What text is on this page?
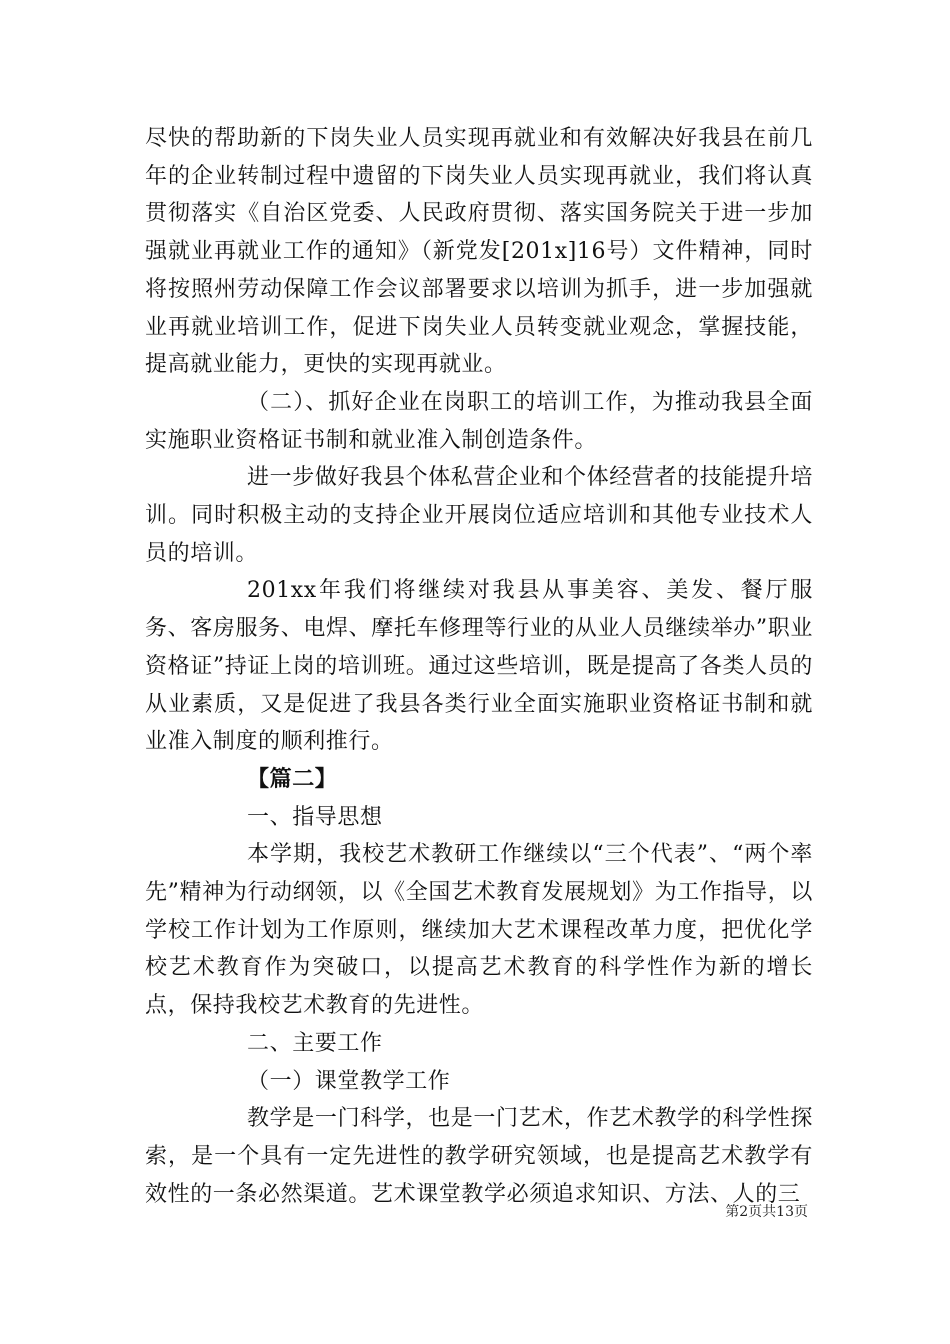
尽快的帮助新的下岗失业人员实现再就业和有效解决好我县在前几年的企业转制过程中遗留的下岗失业人员实现再就业，我们将认真贯彻落实《自治区党委、人民政府贯彻、落实国务院关于进一步加强就业再就业工作的通知》（新党发[201x]16号）文件精神，同时将按照州劳动保障工作会议部署要求以培训为抓手，进一步加强就业再就业培训工作，促进下岗失业人员转变就业观念，掌握技能，提高就业能力，更快的实现再就业。

（二）、抓好企业在岗职工的培训工作，为推动我县全面实施职业资格证书制和就业准入制创造条件。

进一步做好我县个体私营企业和个体经营者的技能提升培训。同时积极主动的支持企业开展岗位适应培训和其他专业技术人员的培训。

201xx年我们将继续对我县从事美容、美发、餐厅服务、客房服务、电焊、摩托车修理等行业的从业人员继续举办”职业资格证”持证上岗的培训班。通过这些培训，既是提高了各类人员的从业素质，又是促进了我县各类行业全面实施职业资格证书制和就业准入制度的顺利推行。

【篇二】

一、指导思想

本学期，我校艺术教研工作继续以“三个代表”、“两个率先”精神为行动纲领，以《全国艺术教育发展规划》为工作指导，以学校工作计划为工作原则，继续加大艺术课程改革力度，把优化学校艺术教育作为突破口，以提高艺术教育的科学性作为新的增长点，保持我校艺术教育的先进性。

二、主要工作

（一）课堂教学工作

教学是一门科学，也是一门艺术，作艺术教学的科学性探索，是一个具有一定先进性的教学研究领域，也是提高艺术教学有效性的一条必然渠道。艺术课堂教学必须追求知识、方法、人的三

第2页共13页
